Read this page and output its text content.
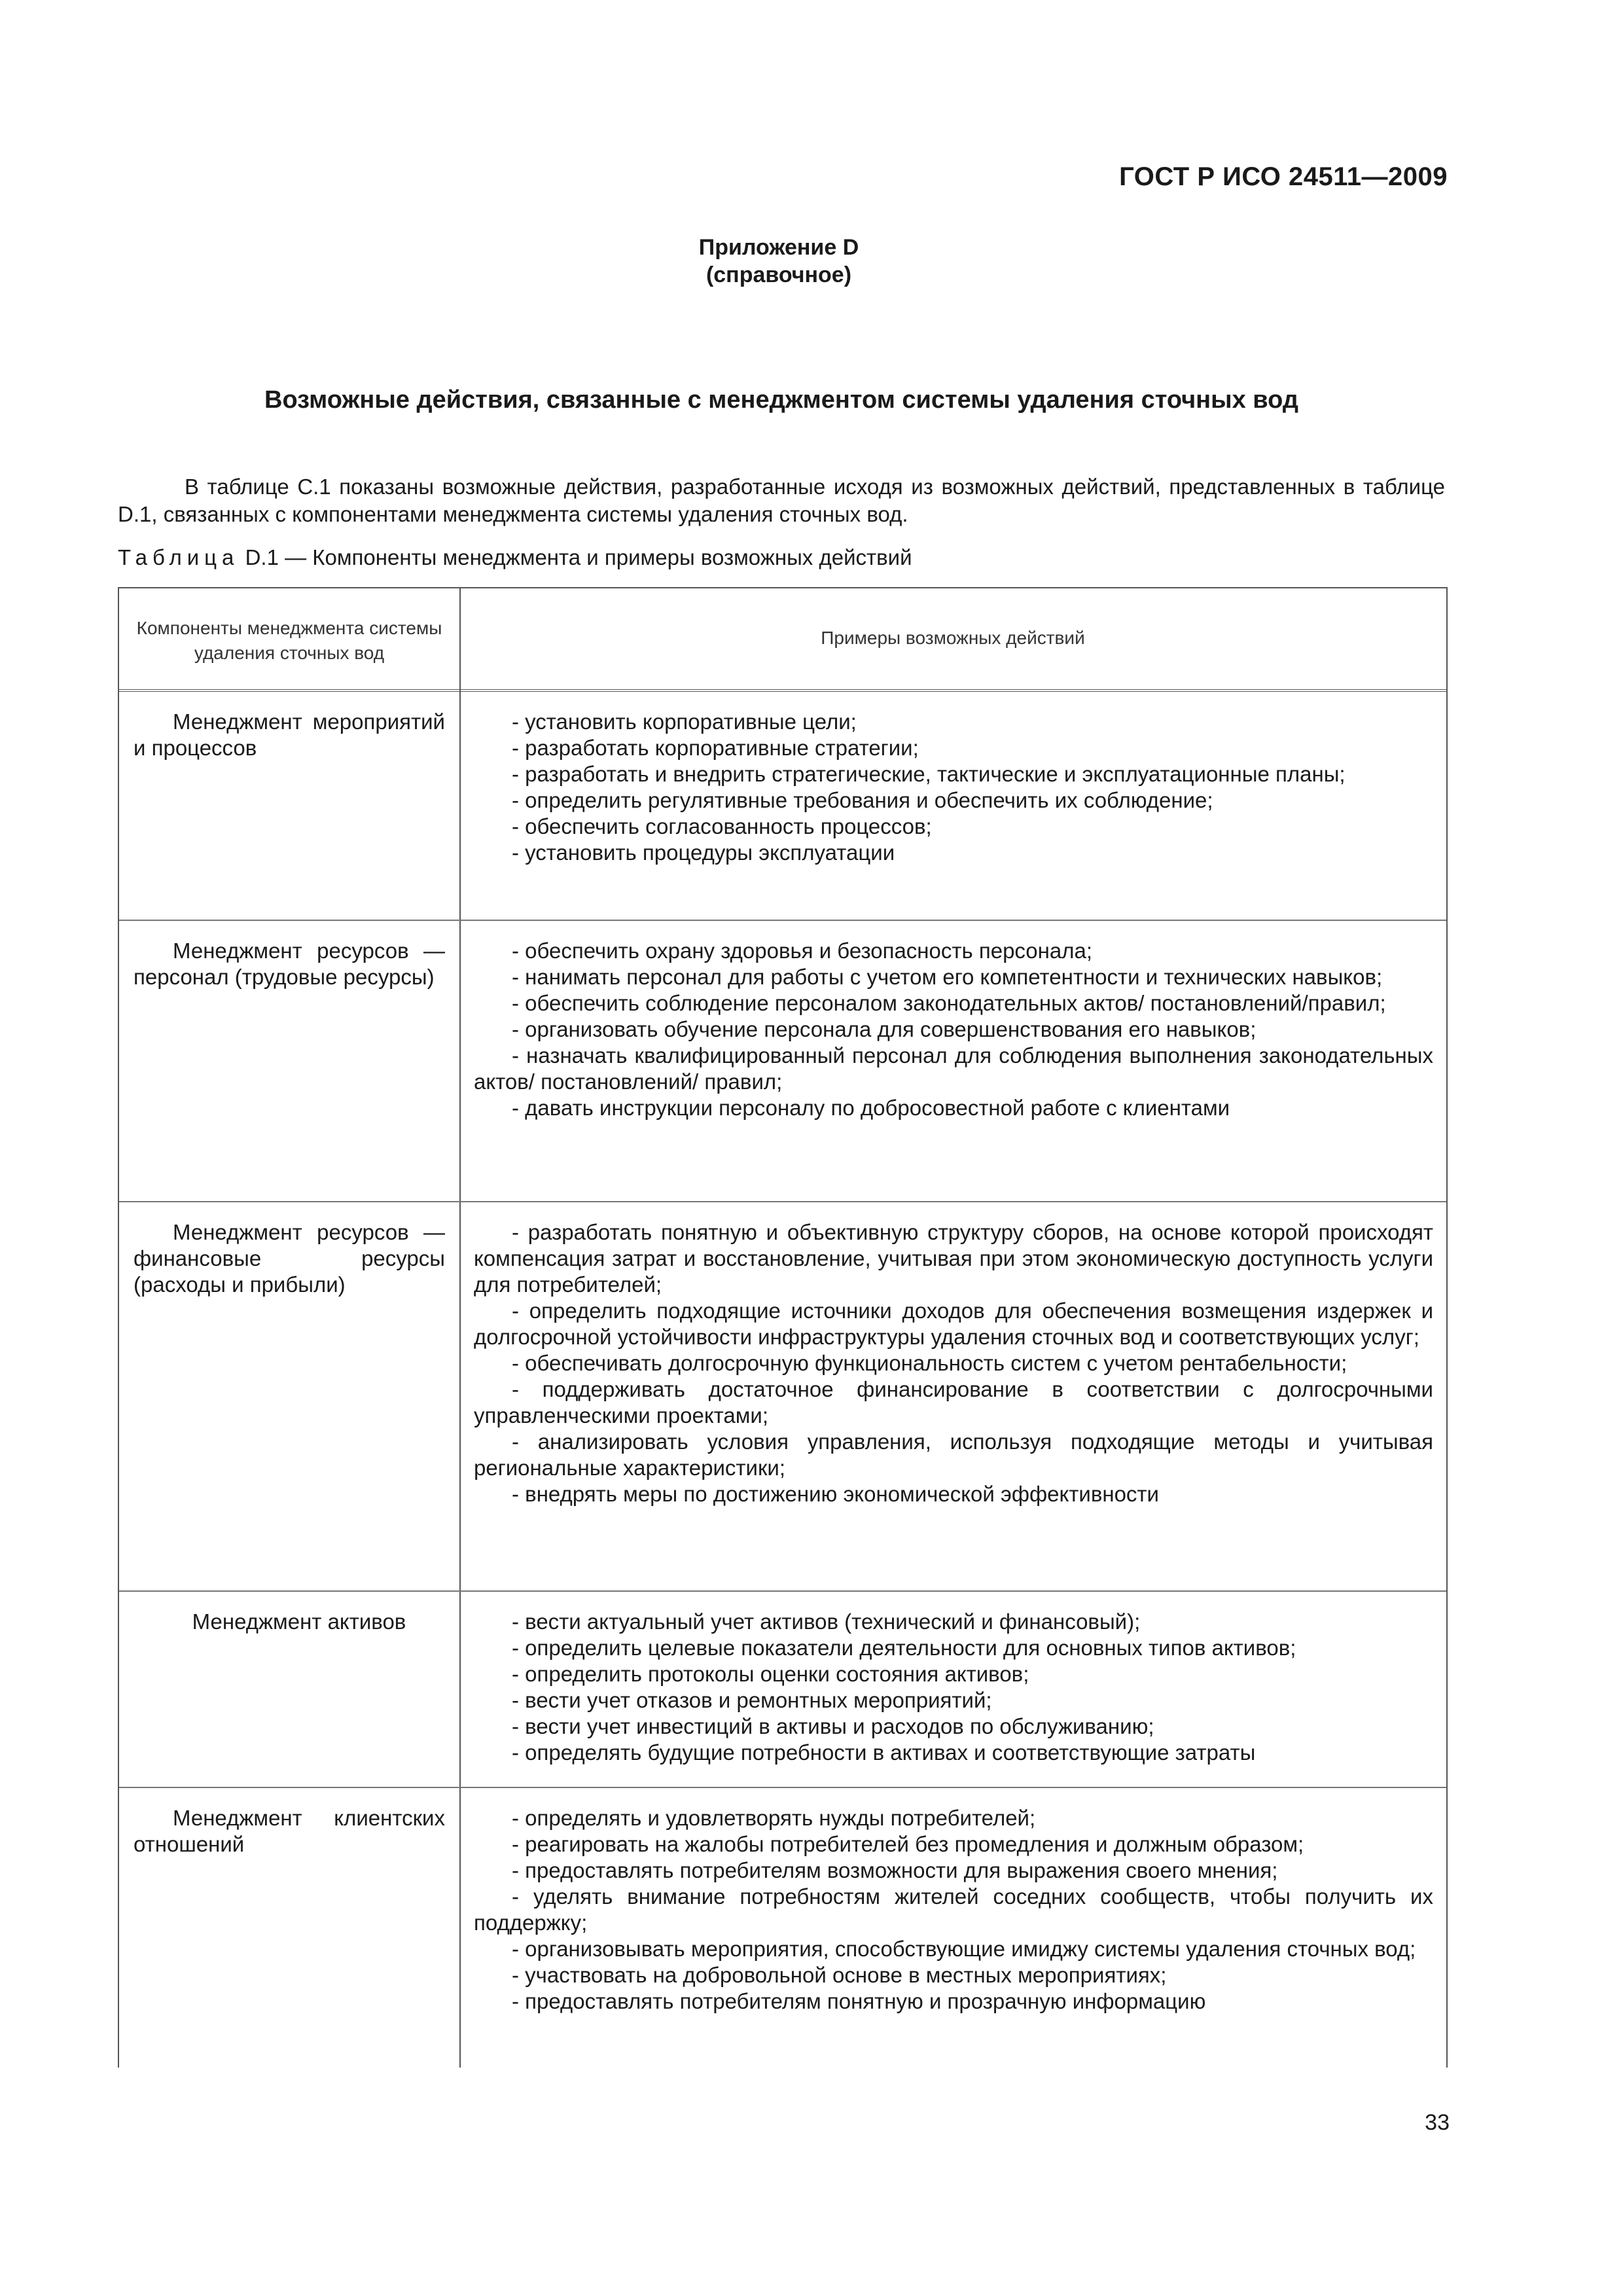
ГОСТ Р ИСО 24511—2009
Приложение D
(справочное)
Возможные действия, связанные с менеджментом системы удаления сточных вод

В таблице С.1 показаны возможные действия, разработанные исходя из возможных действий, представленных в таблице D.1, связанных с компонентами менеджмента системы удаления сточных вод.

Таблица D.1 — Компоненты менеджмента и примеры возможных действий
Компоненты менеджмента системы удаления сточных вод
Примеры возможных действий
Менеджмент мероприятий и процессов

- установить корпоративные цели;

- разработать корпоративные стратегии;

- разработать и внедрить стратегические, тактические и эксплуатационные планы;

- определить регулятивные требования и обеспечить их соблюдение;

- обеспечить согласованность процессов;

- установить процедуры эксплуатации

Менеджмент ресурсов — персонал (трудовые ресурсы)

- обеспечить охрану здоровья и безопасность персонала;

- нанимать персонал для работы с учетом его компетентности и технических навыков;

- обеспечить соблюдение персоналом законодательных актов/ постановлений/правил;

- организовать обучение персонала для совершенствования его навыков;

- назначать квалифицированный персонал для соблюдения выполнения законодательных актов/ постановлений/ правил;

- давать инструкции персоналу по добросовестной работе с клиентами

Менеджмент ресурсов — финансовые ресурсы (расходы и прибыли)

- разработать понятную и объективную структуру сборов, на основе которой происходят компенсация затрат и восстановление, учитывая при этом экономическую доступность услуги для потребителей;

- определить подходящие источники доходов для обеспечения возмещения издержек и долгосрочной устойчивости инфраструктуры удаления сточных вод и соответствующих услуг;

- обеспечивать долгосрочную функциональность систем с учетом рентабельности;

- поддерживать достаточное финансирование в соответствии с долгосрочными управленческими проектами;

- анализировать условия управления, используя подходящие методы и учитывая региональные характеристики;

- внедрять меры по достижению экономической эффективности

Менеджмент активов

-	вести актуальный учет активов (технический и финансовый);

- определить целевые показатели деятельности для основных типов активов;

- определить протоколы оценки состояния активов;

- вести учет отказов и ремонтных мероприятий;

- вести учет инвестиций в активы и расходов по обслуживанию;

- определять будущие потребности в активах и соответствующие затраты

Менеджмент клиентских отношений

- определять и удовлетворять нужды потребителей;

- реагировать на жалобы потребителей без промедления и должным образом;

- предоставлять потребителям возможности для выражения своего мнения;

- уделять внимание потребностям жителей соседних сообществ, чтобы получить их поддержку;

- организовывать мероприятия, способствующие имиджу системы удаления сточных вод;

- участвовать на добровольной основе в местных мероприятиях;

- предоставлять потребителям понятную и прозрачную информацию

33
